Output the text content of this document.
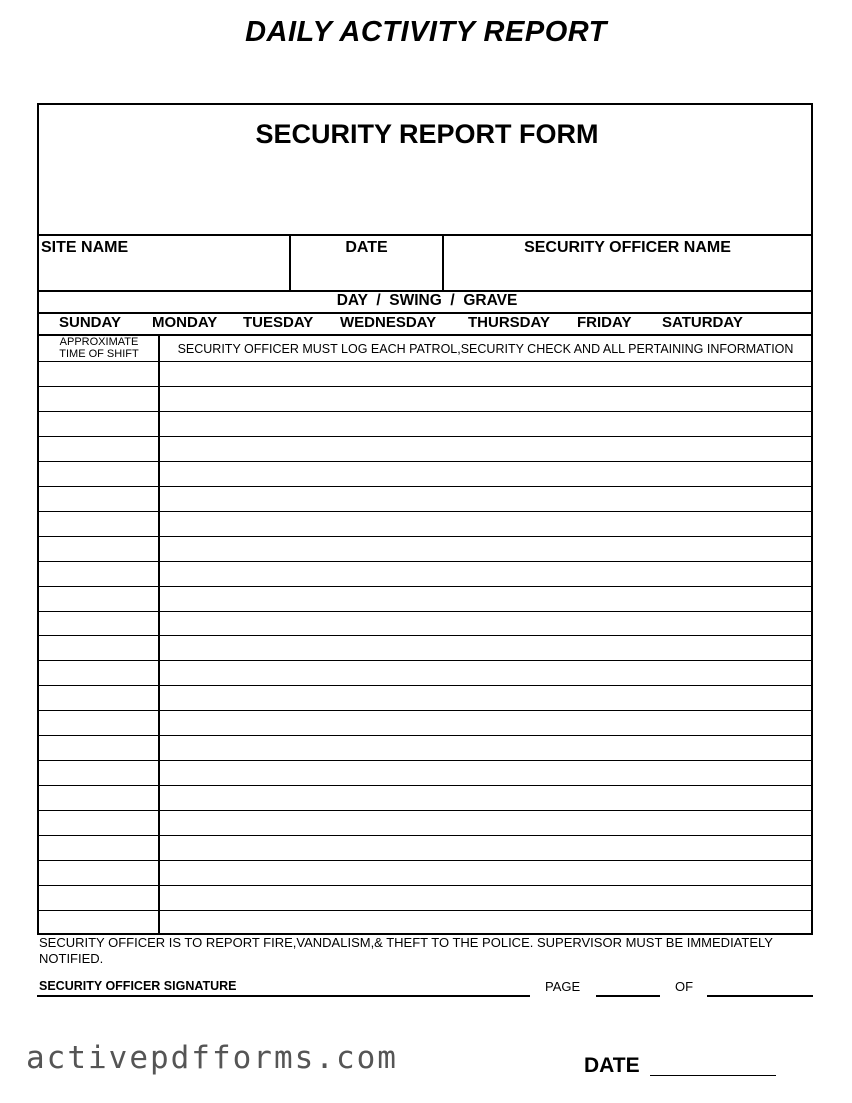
DAILY ACTIVITY REPORT
SECURITY REPORT FORM
SITE NAME	DATE	SECURITY OFFICER NAME
DAY  /  SWING  /  GRAVE
SUNDAY MONDAY TUESDAY WEDNESDAY THURSDAY FRIDAY SATURDAY
APPROXIMATE
TIME OF SHIFT	SECURITY OFFICER MUST LOG EACH PATROL,SECURITY CHECK AND ALL PERTAINING INFORMATION
SECURITY OFFICER IS TO REPORT FIRE,VANDALISM,& THEFT TO THE POLICE. SUPERVISOR MUST BE IMMEDIATELY NOTIFIED.
SECURITY OFFICER SIGNATURE	PAGE	OF
activepdfforms.com	DATE
